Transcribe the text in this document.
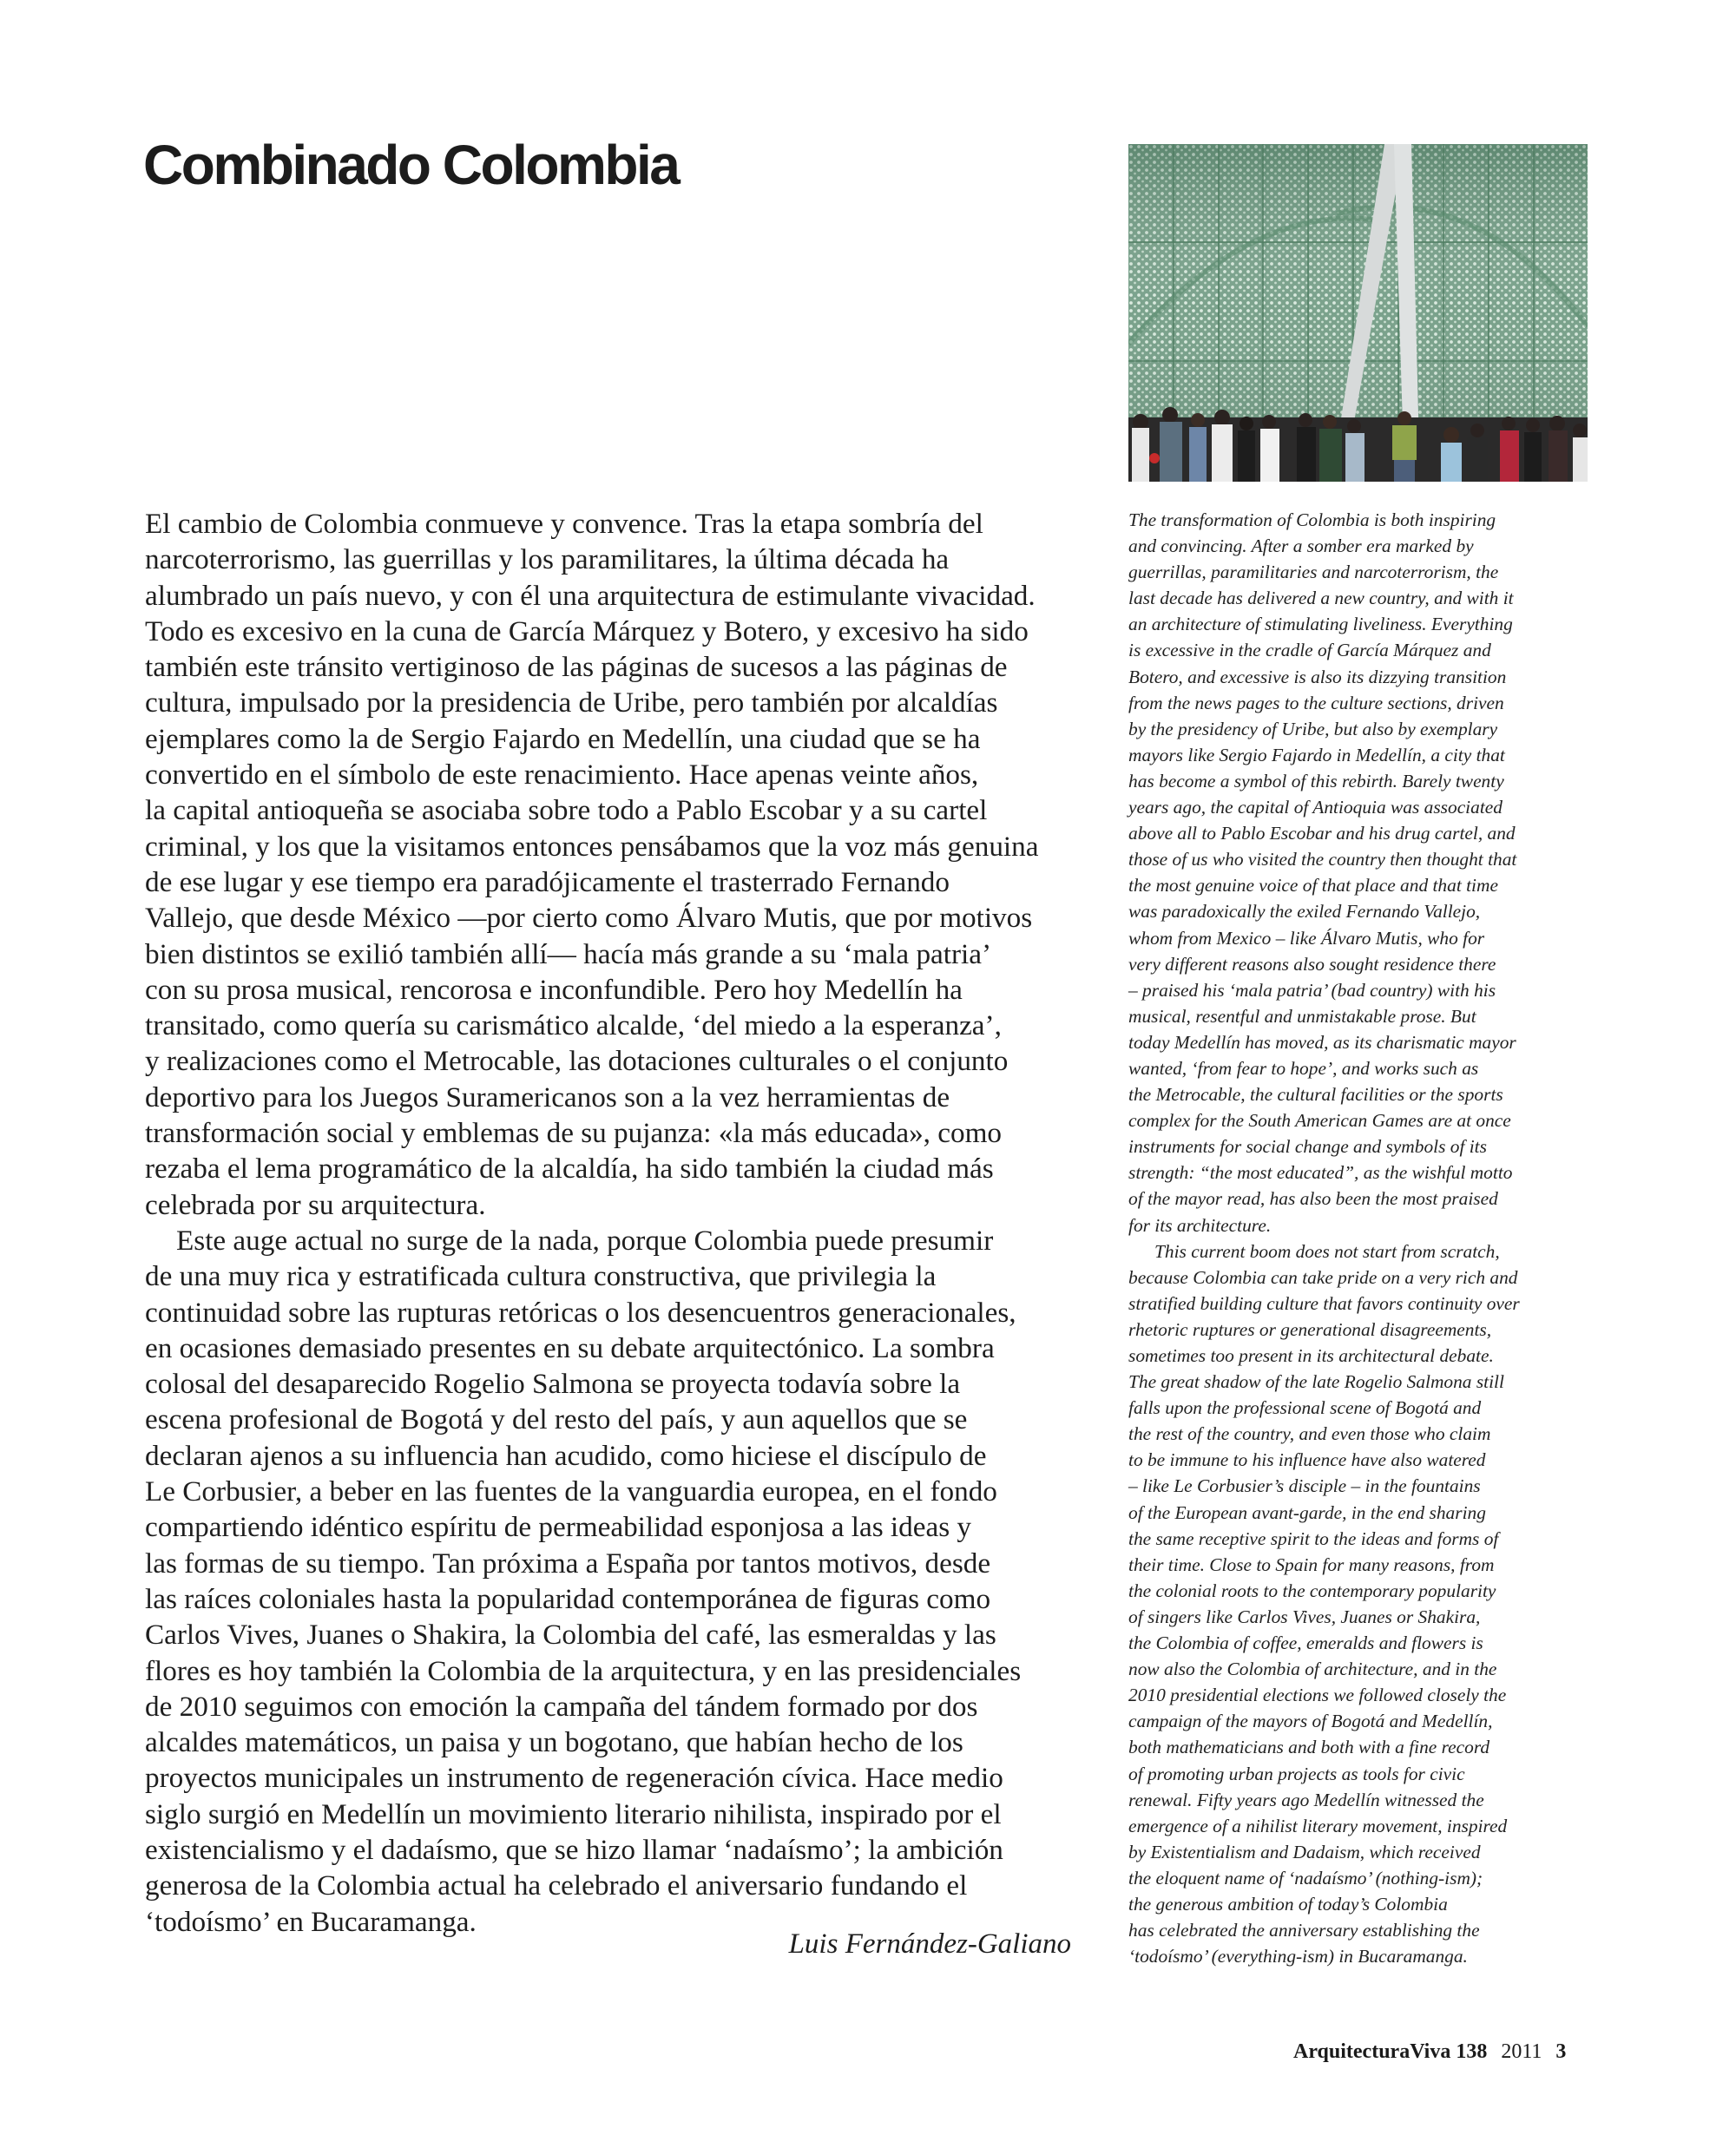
Combinado Colombia
El cambio de Colombia conmueve y convence. Tras la etapa sombría del
narcoterrorismo, las guerrillas y los paramilitares, la última década ha
alumbrado un país nuevo, y con él una arquitectura de estimulante vivacidad.
Todo es excesivo en la cuna de García Márquez y Botero, y excesivo ha sido
también este tránsito vertiginoso de las páginas de sucesos a las páginas de
cultura, impulsado por la presidencia de Uribe, pero también por alcaldías
ejemplares como la de Sergio Fajardo en Medellín, una ciudad que se ha
convertido en el símbolo de este renacimiento. Hace apenas veinte años,
la capital antioqueña se asociaba sobre todo a Pablo Escobar y a su cartel
criminal, y los que la visitamos entonces pensábamos que la voz más genuina
de ese lugar y ese tiempo era paradójicamente el trasterrado Fernando
Vallejo, que desde México —por cierto como Álvaro Mutis, que por motivos
bien distintos se exilió también allí— hacía más grande a su ‘mala patria’
con su prosa musical, rencorosa e inconfundible. Pero hoy Medellín ha
transitado, como quería su carismático alcalde, ‘del miedo a la esperanza’,
y realizaciones como el Metrocable, las dotaciones culturales o el conjunto
deportivo para los Juegos Suramericanos son a la vez herramientas de
transformación social y emblemas de su pujanza: «la más educada», como
rezaba el lema programático de la alcaldía, ha sido también la ciudad más
celebrada por su arquitectura.
Este auge actual no surge de la nada, porque Colombia puede presumir
de una muy rica y estratificada cultura constructiva, que privilegia la
continuidad sobre las rupturas retóricas o los desencuentros generacionales,
en ocasiones demasiado presentes en su debate arquitectónico. La sombra
colosal del desaparecido Rogelio Salmona se proyecta todavía sobre la
escena profesional de Bogotá y del resto del país, y aun aquellos que se
declaran ajenos a su influencia han acudido, como hiciese el discípulo de
Le Corbusier, a beber en las fuentes de la vanguardia europea, en el fondo
compartiendo idéntico espíritu de permeabilidad esponjosa a las ideas y
las formas de su tiempo. Tan próxima a España por tantos motivos, desde
las raíces coloniales hasta la popularidad contemporánea de figuras como
Carlos Vives, Juanes o Shakira, la Colombia del café, las esmeraldas y las
flores es hoy también la Colombia de la arquitectura, y en las presidenciales
de 2010 seguimos con emoción la campaña del tándem formado por dos
alcaldes matemáticos, un paisa y un bogotano, que habían hecho de los
proyectos municipales un instrumento de regeneración cívica. Hace medio
siglo surgió en Medellín un movimiento literario nihilista, inspirado por el
existencialismo y el dadaísmo, que se hizo llamar ‘nadaísmo’; la ambición
generosa de la Colombia actual ha celebrado el aniversario fundando el
‘todoísmo’ en Bucaramanga.
Luis Fernández-Galiano
The transformation of Colombia is both inspiring
and convincing. After a somber era marked by
guerrillas, paramilitaries and narcoterrorism, the
last decade has delivered a new country, and with it
an architecture of stimulating liveliness. Everything
is excessive in the cradle of García Márquez and
Botero, and excessive is also its dizzying transition
from the news pages to the culture sections, driven
by the presidency of Uribe, but also by exemplary
mayors like Sergio Fajardo in Medellín, a city that
has become a symbol of this rebirth. Barely twenty
years ago, the capital of Antioquia was associated
above all to Pablo Escobar and his drug cartel, and
those of us who visited the country then thought that
the most genuine voice of that place and that time
was paradoxically the exiled Fernando Vallejo,
whom from Mexico – like Álvaro Mutis, who for
very different reasons also sought residence there
– praised his ‘mala patria’ (bad country) with his
musical, resentful and unmistakable prose. But
today Medellín has moved, as its charismatic mayor
wanted, ‘from fear to hope’, and works such as
the Metrocable, the cultural facilities or the sports
complex for the South American Games are at once
instruments for social change and symbols of its
strength: “the most educated”, as the wishful motto
of the mayor read, has also been the most praised
for its architecture.
This current boom does not start from scratch,
because Colombia can take pride on a very rich and
stratified building culture that favors continuity over
rhetoric ruptures or generational disagreements,
sometimes too present in its architectural debate.
The great shadow of the late Rogelio Salmona still
falls upon the professional scene of Bogotá and
the rest of the country, and even those who claim
to be immune to his influence have also watered
– like Le Corbusier’s disciple – in the fountains
of the European avant-garde, in the end sharing
the same receptive spirit to the ideas and forms of
their time. Close to Spain for many reasons, from
the colonial roots to the contemporary popularity
of singers like Carlos Vives, Juanes or Shakira,
the Colombia of coffee, emeralds and flowers is
now also the Colombia of architecture, and in the
2010 presidential elections we followed closely the
campaign of the mayors of Bogotá and Medellín,
both mathematicians and both with a fine record
of promoting urban projects as tools for civic
renewal. Fifty years ago Medellín witnessed the
emergence of a nihilist literary movement, inspired
by Existentialism and Dadaism, which received
the eloquent name of ‘nadaísmo’ (nothing-ism);
the generous ambition of today’s Colombia
has celebrated the anniversary establishing the
‘todoísmo’ (everything-ism) in Bucaramanga.
ArquitecturaViva 138 2011 3
